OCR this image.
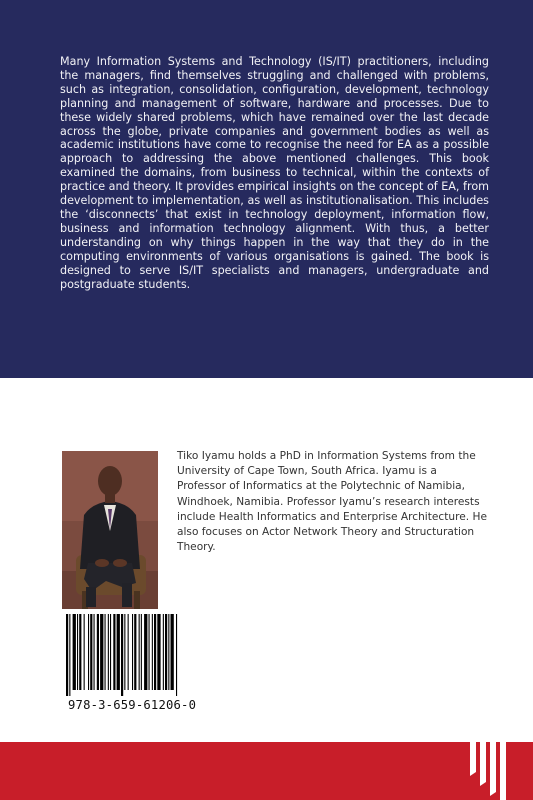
Many Information Systems and Technology (IS/IT) practitioners, including the managers, find themselves struggling and challenged with problems, such as integration, consolidation, configuration, development, technology planning and management of software, hardware and processes. Due to these widely shared problems, which have remained over the last decade across the globe, private companies and government bodies as well as academic institutions have come to recognise the need for EA as a possible approach to addressing the above mentioned challenges. This book examined the domains, from business to technical, within the contexts of practice and theory. It provides empirical insights on the concept of EA, from development to implementation, as well as institutionalisation. This includes the ‘disconnects’ that exist in technology deployment, information flow, business and information technology alignment. With thus, a better understanding on why things happen in the way that they do in the computing environments of various organisations is gained. The book is designed to serve IS/IT specialists and managers, undergraduate and postgraduate students.

Tiko Iyamu holds a PhD in Information Systems from the University of Cape Town, South Africa. Iyamu is a Professor of Informatics at the Polytechnic of Namibia, Windhoek, Namibia. Professor Iyamu’s research interests include Health Informatics and Enterprise Architecture. He also focuses on Actor Network Theory and Structuration Theory.

978-3-659-61206-0
